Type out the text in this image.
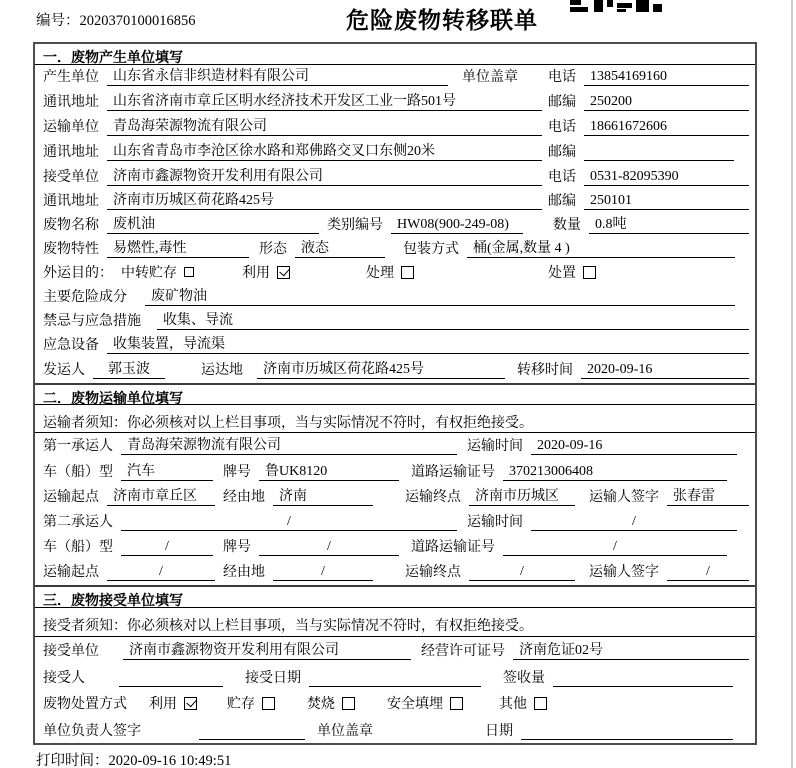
编号：2020370100016856	危险废物转移联单
一．废物产生单位填写
产生单位	山东省永信非织造材料有限公司	单位盖章 电话	13854169160
通讯地址	山东省济南市章丘区明水经济技术开发区工业一路501号	邮编	250200
运输单位	青岛海荣源物流有限公司	电话	18661672606
通讯地址	山东省青岛市李沧区徐水路和郑佛路交叉口东侧20米	邮编
接受单位	济南市鑫源物资开发利用有限公司	电话	0531-82095390
通讯地址	济南市历城区荷花路425号	邮编	250101
废物名称	废机油	类别编号	HW08(900-249-08)	数量	0.8吨
废物特性	易燃性,毒性	形态	液态	包装方式	桶(金属,数量 4 )
外运目的： 中转贮存	利用	处理	处置
主要危险成分	废矿物油
禁忌与应急措施	收集、导流
应急设备	收集装置，导流渠
发运人	郭玉波	运达地	济南市历城区荷花路425号	转移时间	2020-09-16
二．废物运输单位填写
运输者须知：你必须核对以上栏目事项，当与实际情况不符时，有权拒绝接受。
第一承运人	青岛海荣源物流有限公司	运输时间	2020-09-16
车（船）型	汽车	牌号	鲁UK8120	道路运输证号	370213006408
运输起点	济南市章丘区	经由地	济南	运输终点	济南市历城区	运输人签字	张春雷
第二承运人	/	运输时间	/
车（船）型	/	牌号	/	道路运输证号	/
运输起点	/	经由地	/	运输终点	/	运输人签字	/
三．废物接受单位填写
接受者须知：你必须核对以上栏目事项，当与实际情况不符时，有权拒绝接受。
接受单位	济南市鑫源物资开发利用有限公司	经营许可证号	济南危证02号
接受人	接受日期	签收量
废物处置方式 利用	贮存	焚烧	安全填埋	其他
单位负责人签字	单位盖章	日期
打印时间：2020-09-16 10:49:51
